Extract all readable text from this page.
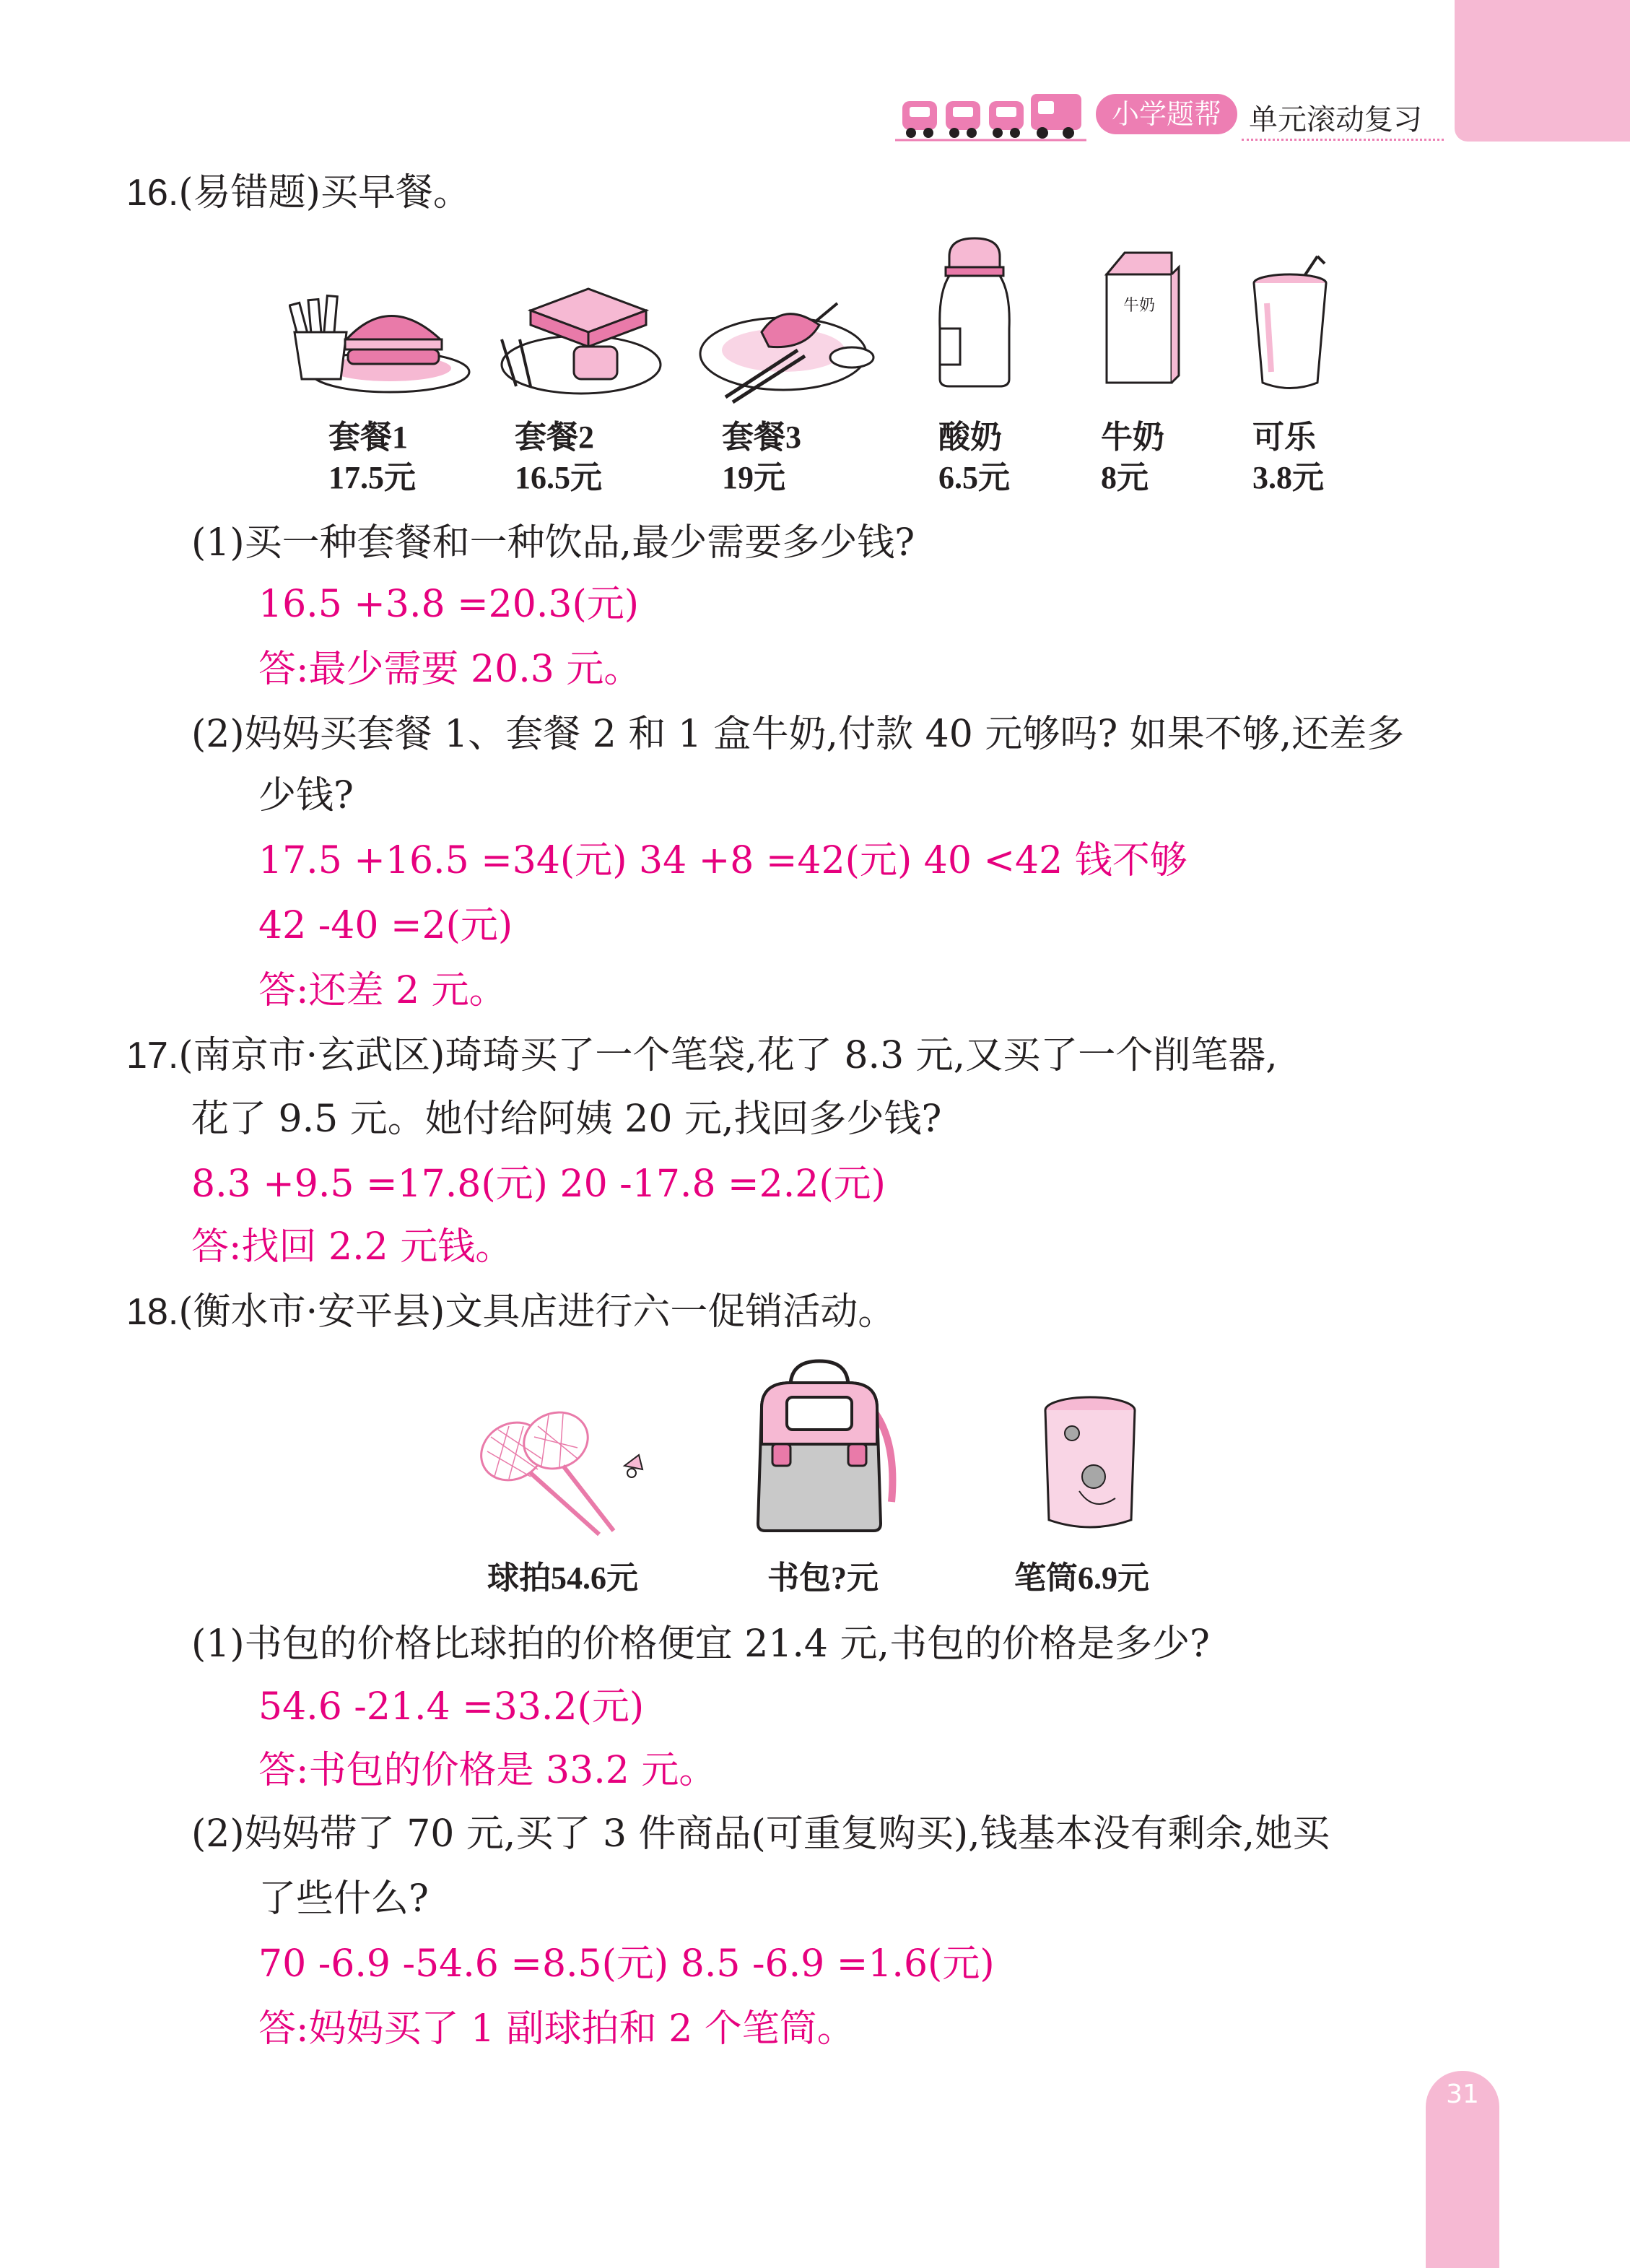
小学题帮 单元滚动复习
16.(易错题)买早餐。
牛奶
套餐1
17.5元
套餐2
16.5元
套餐3
19元
酸奶
6.5元
牛奶
8元
可乐
3.8元
(1)买一种套餐和一种饮品,最少需要多少钱?
16.5 +3.8 =20.3(元)
答:最少需要 20.3 元。
(2)妈妈买套餐 1、套餐 2 和 1 盒牛奶,付款 40 元够吗? 如果不够,还差多
少钱?
17.5 +16.5 =34(元) 34 +8 =42(元) 40 <42 钱不够
42 -40 =2(元)
答:还差 2 元。
17.(南京市·玄武区)琦琦买了一个笔袋,花了 8.3 元,又买了一个削笔器,
花了 9.5 元。她付给阿姨 20 元,找回多少钱?
8.3 +9.5 =17.8(元) 20 -17.8 =2.2(元)
答:找回 2.2 元钱。
18.(衡水市·安平县)文具店进行六一促销活动。
球拍54.6元	书包?元	笔筒6.9元
(1)书包的价格比球拍的价格便宜 21.4 元,书包的价格是多少?
54.6 -21.4 =33.2(元)
答:书包的价格是 33.2 元。
(2)妈妈带了 70 元,买了 3 件商品(可重复购买),钱基本没有剩余,她买
了些什么?
70 -6.9 -54.6 =8.5(元) 8.5 -6.9 =1.6(元)
答:妈妈买了 1 副球拍和 2 个笔筒。
31
